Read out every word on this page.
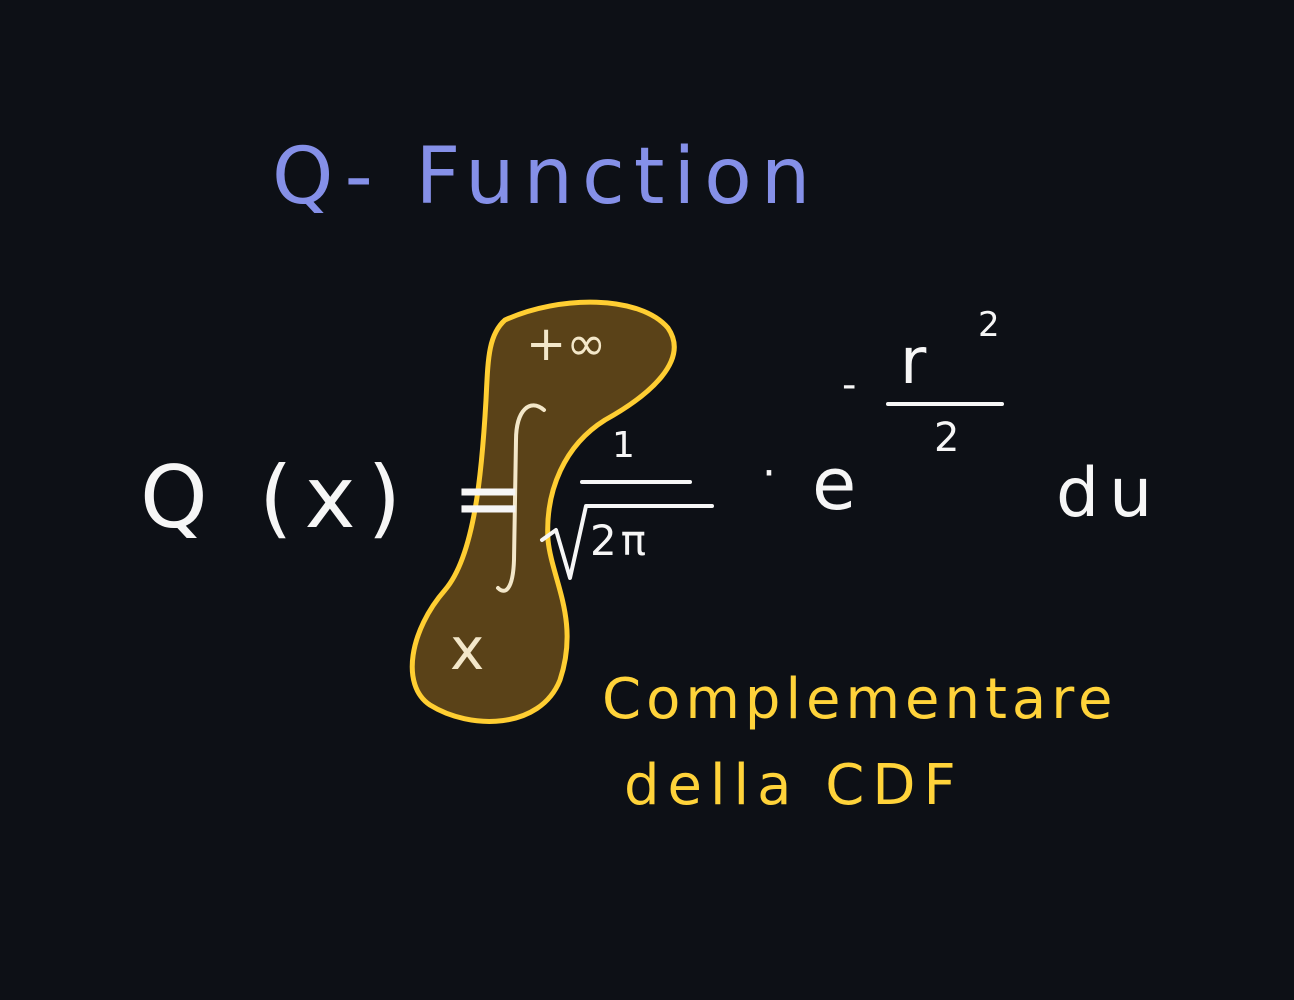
Q- Function
Q (x) =
+∞
x
1
2π
· e
- r 2
2
du
Complementare
della CDF
